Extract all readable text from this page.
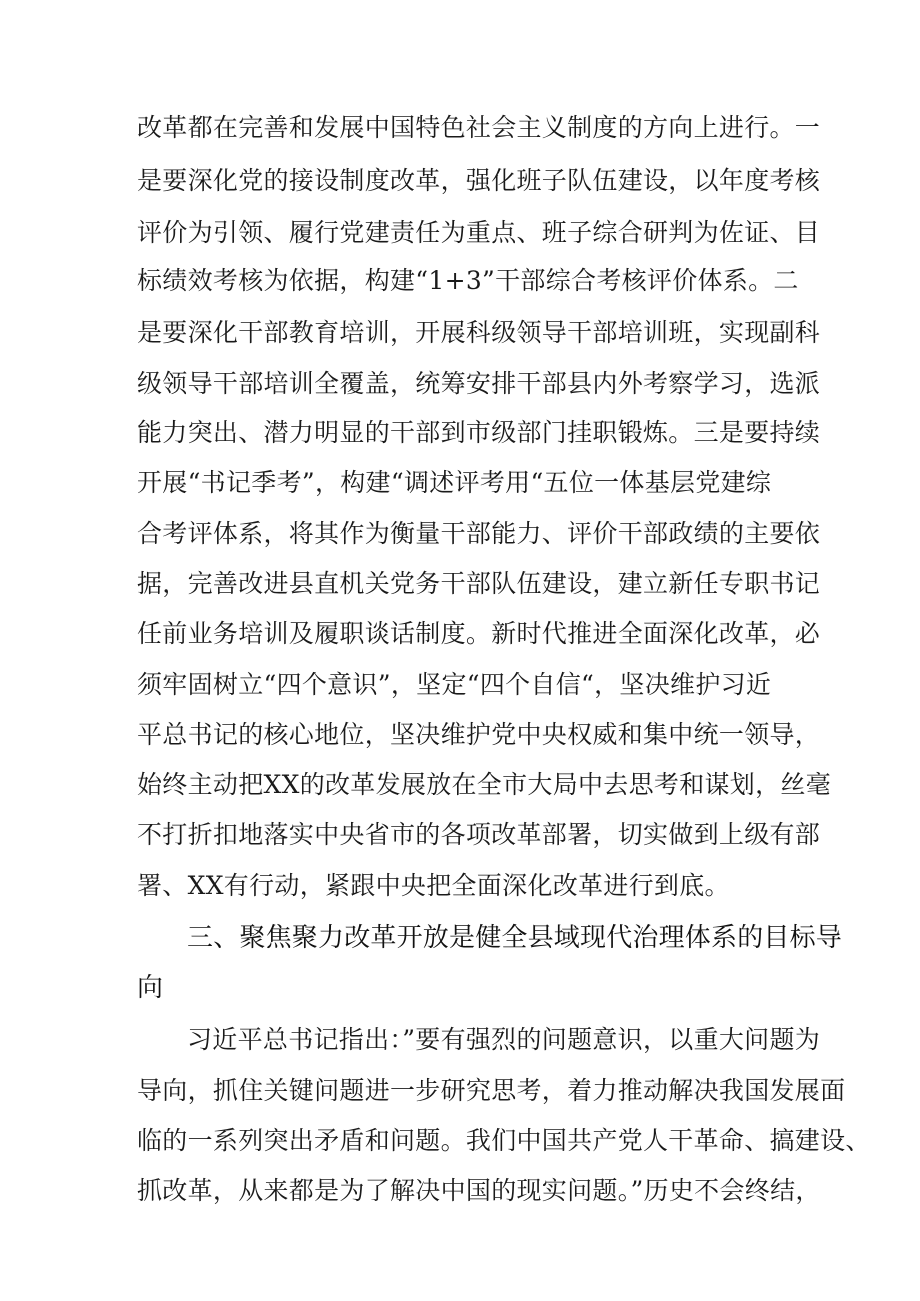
改革都在完善和发展中国特色社会主义制度的方向上进行。一
是要深化党的接设制度改革，强化班子队伍建设，以年度考核
评价为引领、履行党建责任为重点、班子综合研判为佐证、目
标绩效考核为依据，构建“1+3”干部综合考核评价体系。二
是要深化干部教育培训，开展科级领导干部培训班，实现副科
级领导干部培训全覆盖，统筹安排干部县内外考察学习，选派
能力突出、潜力明显的干部到市级部门挂职锻炼。三是要持续
开展“书记季考”，构建“调述评考用“五位一体基层党建综
合考评体系，将其作为衡量干部能力、评价干部政绩的主要依
据，完善改进县直机关党务干部队伍建设，建立新任专职书记
任前业务培训及履职谈话制度。新时代推进全面深化改革，必
须牢固树立“四个意识”，坚定“四个自信“，坚决维护习近
平总书记的核心地位，坚决维护党中央权威和集中统一领导，
始终主动把XX的改革发展放在全市大局中去思考和谋划，丝毫
不打折扣地落实中央省市的各项改革部署，切实做到上级有部
署、XX有行动，紧跟中央把全面深化改革进行到底。
三、聚焦聚力改革开放是健全县域现代治理体系的目标导
向
习近平总书记指出：”要有强烈的问题意识，以重大问题为
导向，抓住关键问题进一步研究思考，着力推动解决我国发展面
临的一系列突出矛盾和问题。我们中国共产党人干革命、搞建设、
抓改革，从来都是为了解决中国的现实问题。”历史不会终结，
